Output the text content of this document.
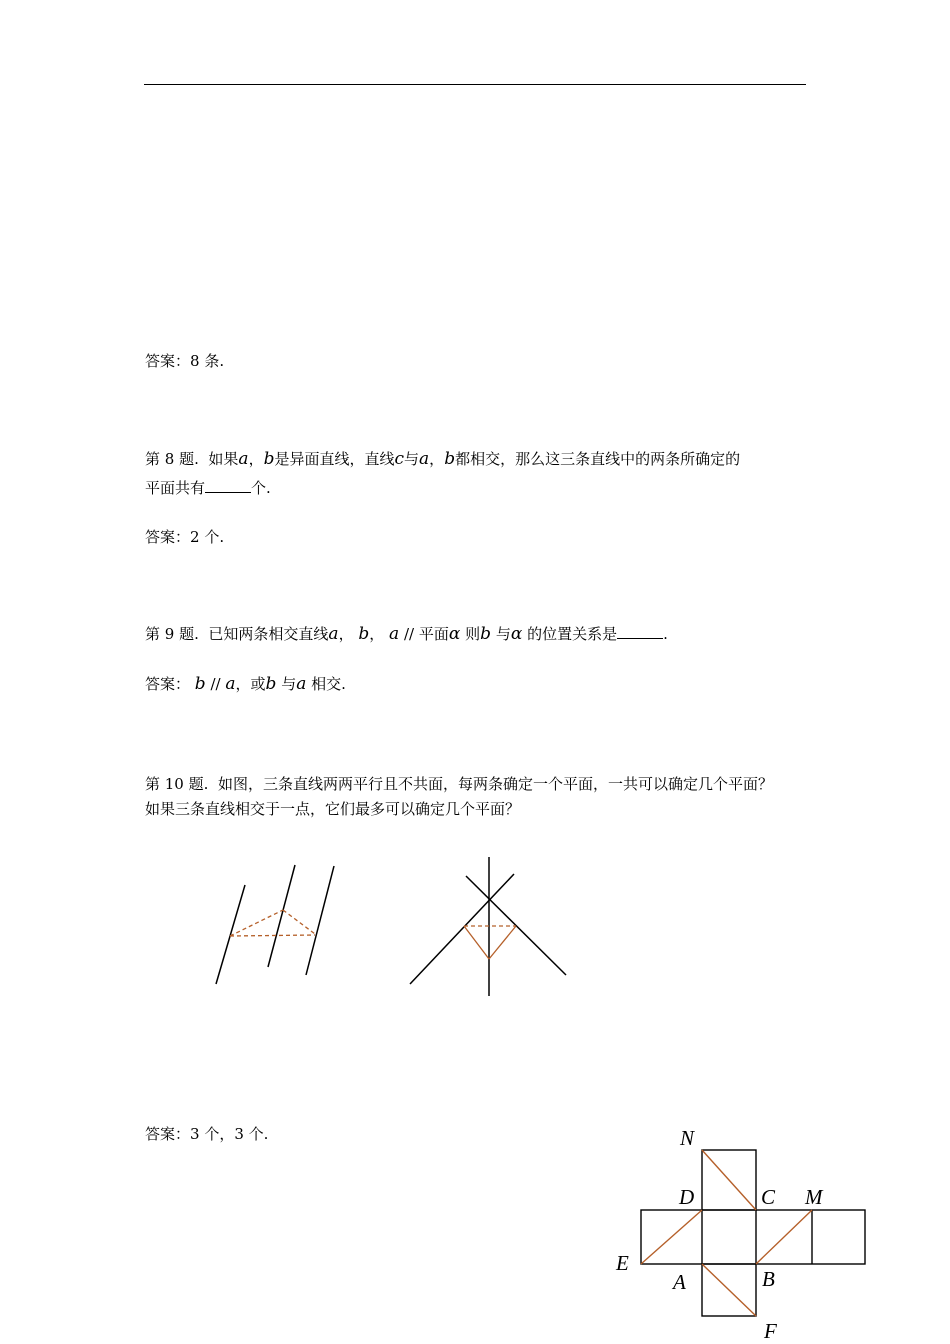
答案：8 条.
第 8 题. 如果a，b是异面直线，直线c与a，b都相交，那么这三条直线中的两条所确定的
平面共有	个.
答案：2 个.
第 9 题. 已知两条相交直线a， b， a // 平面α 则b 与α 的位置关系是	.
答案： b // a，或b 与a 相交.
第 10 题. 如图，三条直线两两平行且不共面，每两条确定一个平面，一共可以确定几个平面？
如果三条直线相交于一点，它们最多可以确定几个平面？
答案：3 个，3 个.	N
D	C M
E
A	B
F
